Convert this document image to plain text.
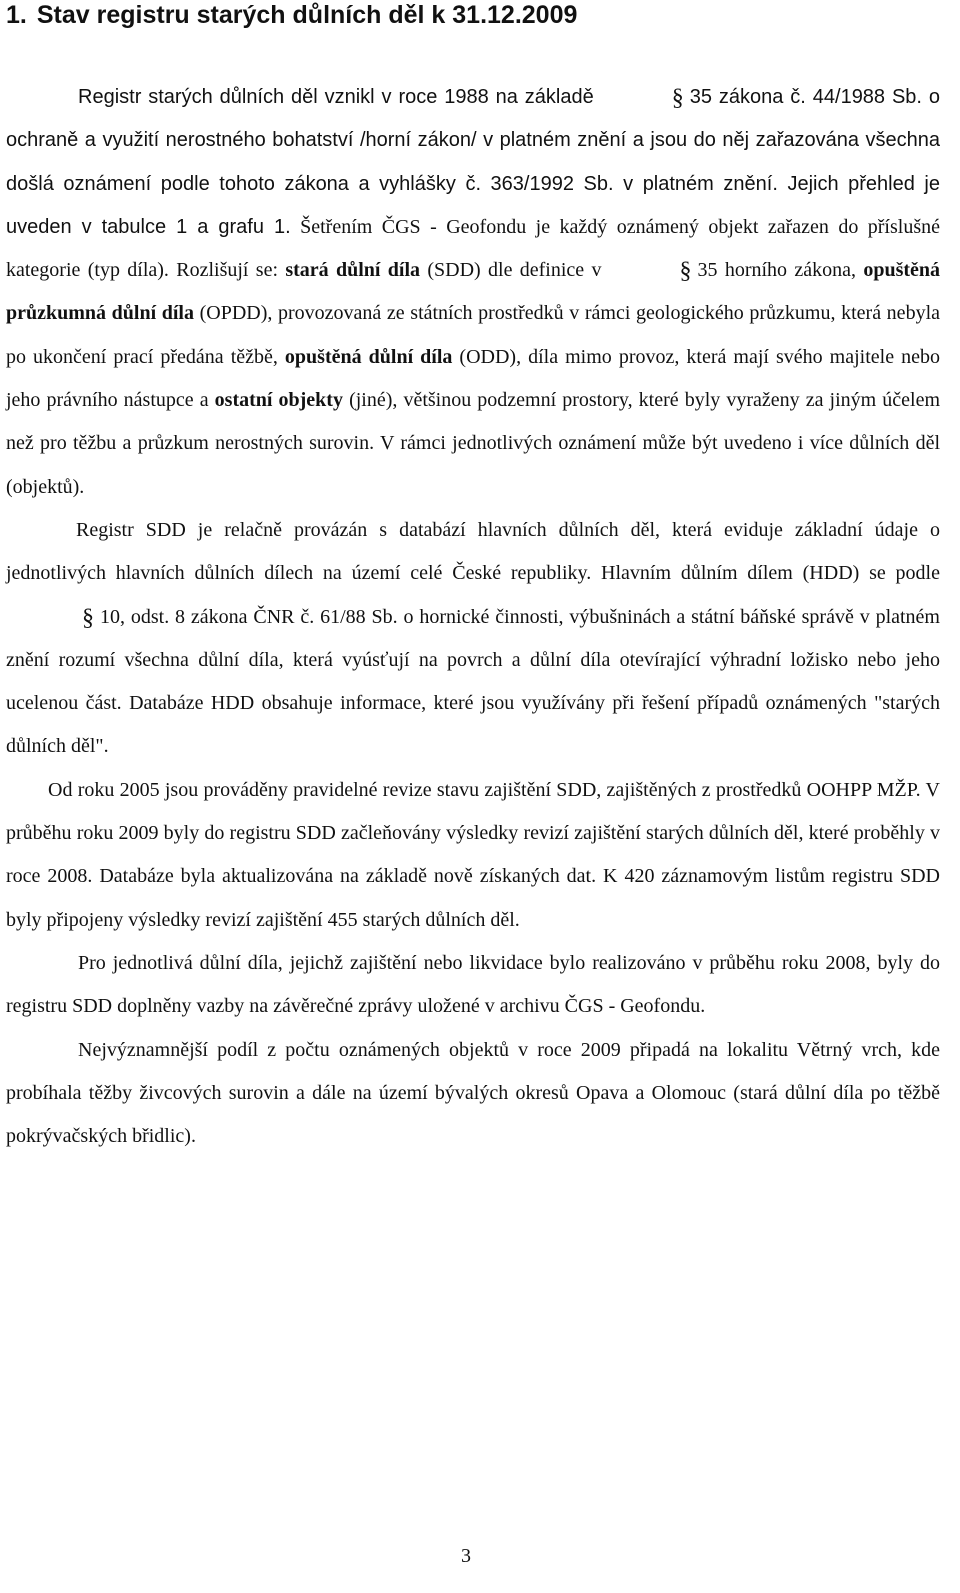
1. Stav registru starých důlních děl k 31.12.2009

Registr starých důlních děl vznikl v roce 1988 na základě	§ 35 zákona č. 44/1988 Sb. o ochraně a využití nerostného bohatství /horní zákon/ v platném znění a jsou do něj zařazována všechna došlá oznámení podle tohoto zákona a vyhlášky č. 363/1992 Sb. v platném znění. Jejich přehled je uveden v tabulce 1 a grafu 1. Šetřením ČGS - Geofondu je každý oznámený objekt zařazen do příslušné kategorie (typ díla). Rozlišují se: stará důlní díla (SDD) dle definice v	§ 35 horního zákona, opuštěná průzkumná důlní díla (OPDD), provozovaná ze státních prostředků v rámci geologického průzkumu, která nebyla po ukončení prací předána těžbě, opuštěná důlní díla (ODD), díla mimo provoz, která mají svého majitele nebo jeho právního nástupce a ostatní objekty (jiné), většinou podzemní prostory, které byly vyraženy za jiným účelem než pro těžbu a průzkum nerostných surovin. V rámci jednotlivých oznámení může být uvedeno i více důlních děl (objektů).

Registr SDD je relačně provázán s databází hlavních důlních děl, která eviduje základní údaje o jednotlivých hlavních důlních dílech na území celé České republiky. Hlavním důlním dílem (HDD) se podle§ 10, odst. 8 zákona ČNR č. 61/88 Sb. o hornické činnosti, výbušninách a státní báňské správě v platném znění rozumí všechna důlní díla, která vyúsťují na povrch a důlní díla otevírající výhradní ložisko nebo jeho ucelenou část. Databáze HDD obsahuje informace, které jsou využívány při řešení případů oznámených "starých důlních děl".

Od roku 2005 jsou prováděny pravidelné revize stavu zajištění SDD, zajištěných z prostředků OOHPP MŽP. V průběhu roku 2009 byly do registru SDD začleňovány výsledky revizí zajištění starých důlních děl, které proběhly v roce 2008. Databáze byla aktualizována na základě nově získaných dat. K 420 záznamovým listům registru SDD byly připojeny výsledky revizí zajištění 455 starých důlních děl.

Pro jednotlivá důlní díla, jejichž zajištění nebo likvidace bylo realizováno v průběhu roku 2008, byly do registru SDD doplněny vazby na závěrečné zprávy uložené v archivu ČGS - Geofondu.

Nejvýznamnější podíl z počtu oznámených objektů v roce 2009 připadá na lokalitu Větrný vrch, kde probíhala těžby živcových surovin a dále na území bývalých okresů Opava a Olomouc (stará důlní díla po těžbě pokrývačských břidlic).

3
